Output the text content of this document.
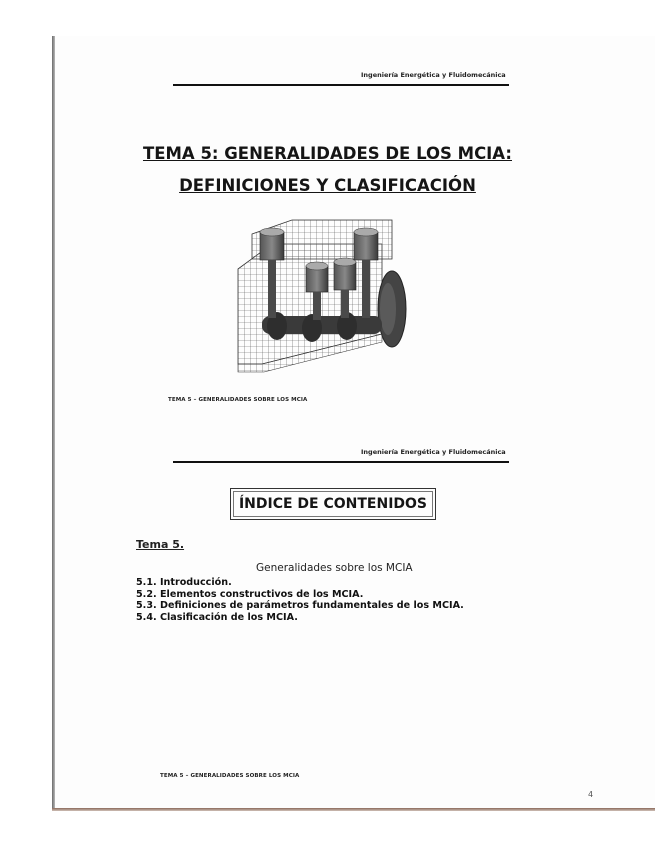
Ingeniería Energética y Fluidomecánica
TEMA 5: GENERALIDADES DE LOS MCIA:
DEFINICIONES Y CLASIFICACIÓN
TEMA 5 – GENERALIDADES SOBRE LOS MCIA
Ingeniería Energética y Fluidomecánica
ÍNDICE DE CONTENIDOS
Tema 5.
Generalidades sobre los MCIA
5.1. Introducción.
5.2. Elementos constructivos de los MCIA.
5.3. Definiciones de parámetros fundamentales de los MCIA.
5.4. Clasificación de los MCIA.
TEMA 5 – GENERALIDADES SOBRE LOS MCIA
4
